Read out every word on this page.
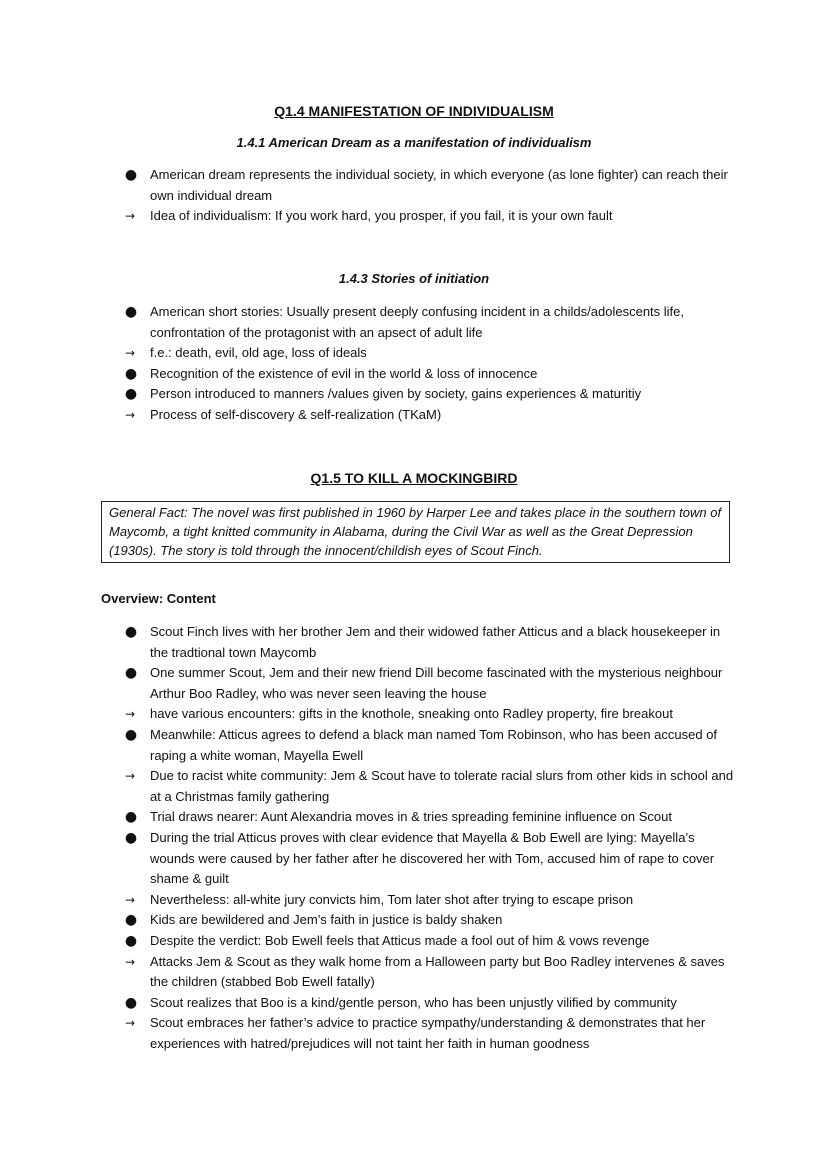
Q1.4 MANIFESTATION OF INDIVIDUALISM
1.4.1 American Dream as a manifestation of individualism
● American dream represents the individual society, in which everyone (as lone fighter) can reach their own individual dream
→ Idea of individualism: If you work hard, you prosper, if you fail, it is your own fault
1.4.3 Stories of initiation
● American short stories: Usually present deeply confusing incident in a childs/adolescents life, confrontation of the protagonist with an apsect of adult life
→ f.e.: death, evil, old age, loss of ideals
● Recognition of the existence of evil in the world & loss of innocence
● Person introduced to manners /values given by society, gains experiences & maturitiy
→ Process of self-discovery & self-realization (TKaM)
Q1.5 TO KILL A MOCKINGBIRD
General Fact: The novel was first published in 1960 by Harper Lee and takes place in the southern town of Maycomb, a tight knitted community in Alabama, during the Civil War as well as the Great Depression (1930s). The story is told through the innocent/childish eyes of Scout Finch.

Overview: Content

● Scout Finch lives with her brother Jem and their widowed father Atticus and a black housekeeper in the tradtional town Maycomb
● One summer Scout, Jem and their new friend Dill become fascinated with the mysterious neighbour Arthur Boo Radley, who was never seen leaving the house
→ have various encounters: gifts in the knothole, sneaking onto Radley property, fire breakout
● Meanwhile: Atticus agrees to defend a black man named Tom Robinson, who has been accused of raping a white woman, Mayella Ewell
→ Due to racist white community: Jem & Scout have to tolerate racial slurs from other kids in school and at a Christmas family gathering
● Trial draws nearer: Aunt Alexandria moves in & tries spreading feminine influence on Scout
● During the trial Atticus proves with clear evidence that Mayella & Bob Ewell are lying: Mayella’s wounds were caused by her father after he discovered her with Tom, accused him of rape to cover shame & guilt
→ Nevertheless: all-white jury convicts him, Tom later shot after trying to escape prison
● Kids are bewildered and Jem’s faith in justice is baldy shaken
● Despite the verdict: Bob Ewell feels that Atticus made a fool out of him & vows revenge
→ Attacks Jem & Scout as they walk home from a Halloween party but Boo Radley intervenes & saves the children (stabbed Bob Ewell fatally)
● Scout realizes that Boo is a kind/gentle person, who has been unjustly vilified by community
→ Scout embraces her father’s advice to practice sympathy/understanding & demonstrates that her experiences with hatred/prejudices will not taint her faith in human goodness
